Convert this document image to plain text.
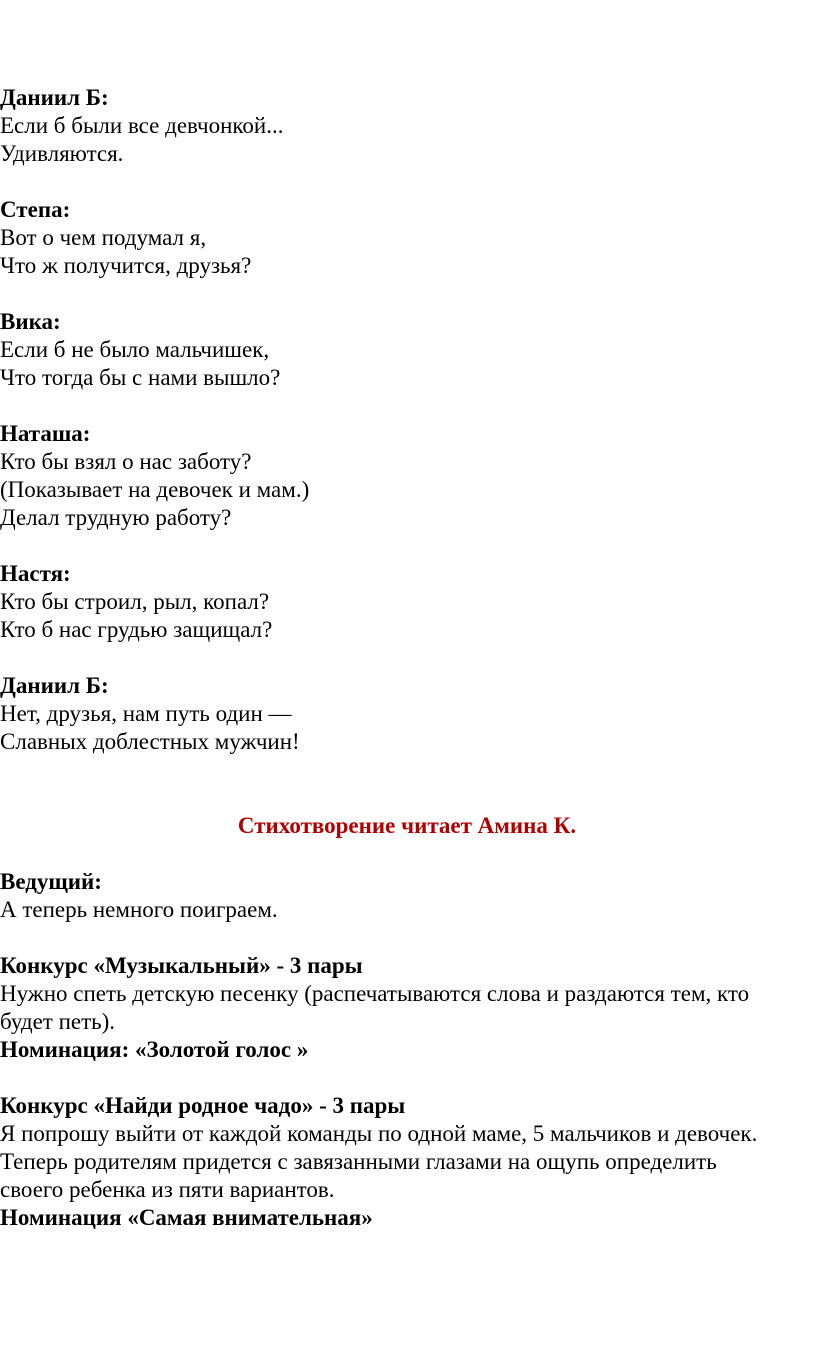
Даниил Б:
Если б были все девчонкой...
Удивляются.
Степа:
Вот о чем подумал я,
Что ж получится, друзья?
Вика:
Если б не было мальчишек,
Что тогда бы с нами вышло?
Наташа:
Кто бы взял о нас заботу?
(Показывает на девочек и мам.)
Делал трудную работу?
Настя:
Кто бы строил, рыл, копал?
Кто б нас грудью защищал?
Даниил Б:
Нет, друзья, нам путь один —
Славных доблестных мужчин!
Стихотворение читает Амина К.
Ведущий:
А теперь немного поиграем.
Конкурс «Музыкальный» - 3 пары
Нужно спеть детскую песенку (распечатываются слова и раздаются тем, кто
будет петь).
Номинация: «Золотой голос »
Конкурс «Найди родное чадо» - 3 пары
Я попрошу выйти от каждой команды по одной маме, 5 мальчиков и девочек.
Теперь родителям придется с завязанными глазами на ощупь определить
своего ребенка из пяти вариантов.
Номинация «Самая внимательная»
